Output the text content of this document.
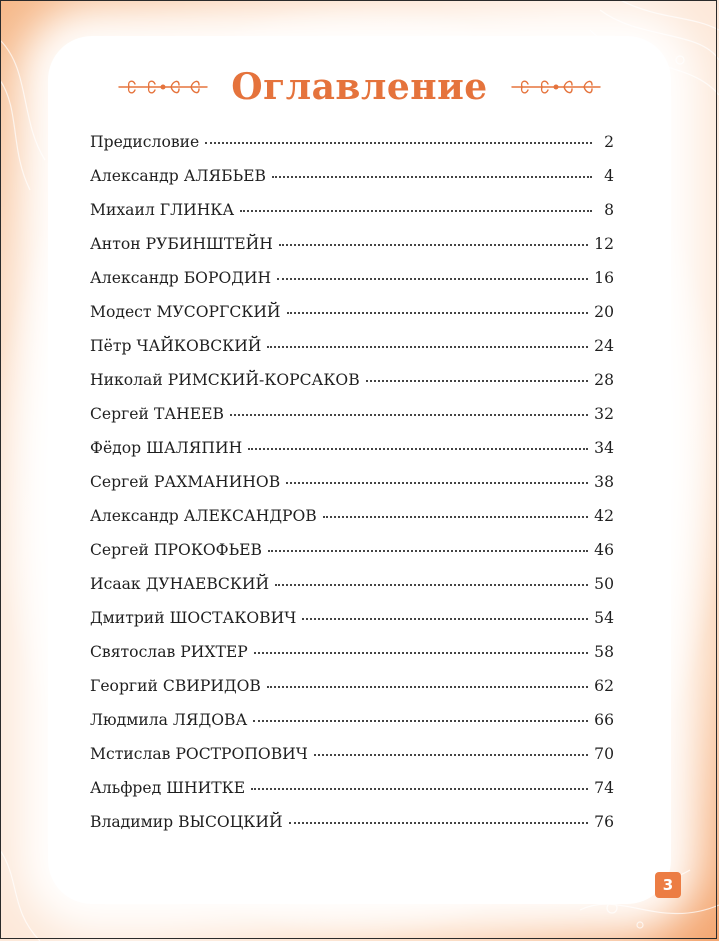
Оглавление
Предисловие	2
Александр АЛЯБЬЕВ	4
Михаил ГЛИНКА	8
Антон РУБИНШТЕЙН	12
Александр БОРОДИН	16
Модест МУСОРГСКИЙ	20
Пётр ЧАЙКОВСКИЙ	24
Николай РИМСКИЙ-КОРСАКОВ	28
Сергей ТАНЕЕВ	32
Фёдор ШАЛЯПИН	34
Сергей РАХМАНИНОВ	38
Александр АЛЕКСАНДРОВ	42
Сергей ПРОКОФЬЕВ	46
Исаак ДУНАЕВСКИЙ	50
Дмитрий ШОСТАКОВИЧ	54
Святослав РИХТЕР	58
Георгий СВИРИДОВ	62
Людмила ЛЯДОВА	66
Мстислав РОСТРОПОВИЧ	70
Альфред ШНИТКЕ	74
Владимир ВЫСОЦКИЙ	76
3
